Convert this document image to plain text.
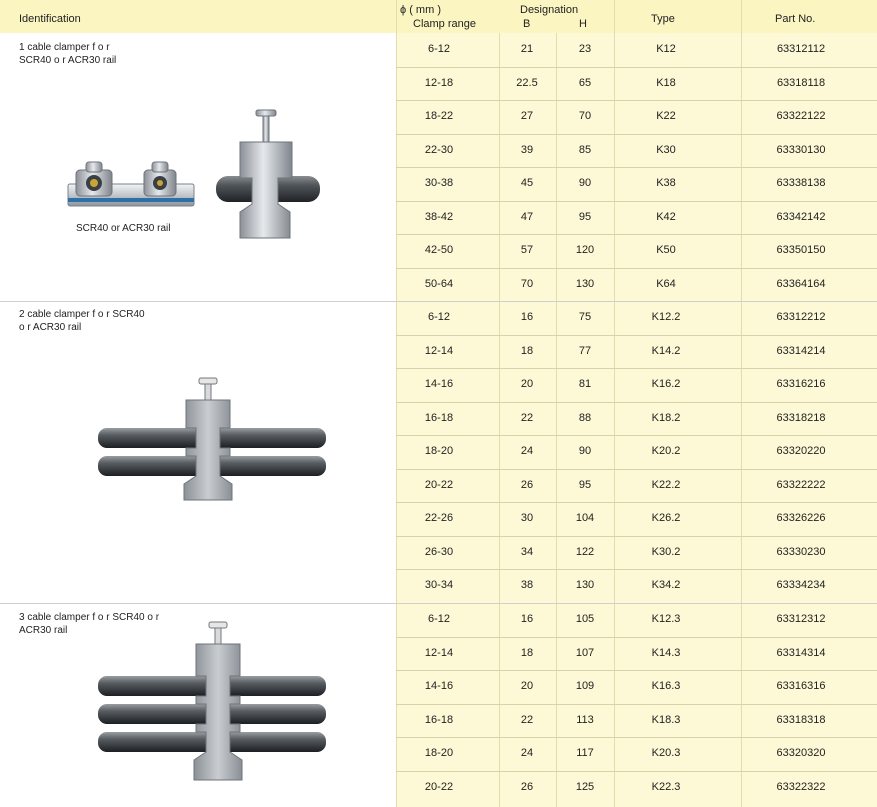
Identification
ϕ ( mm )
Clamp range
Designation
B	H	Type	Part No.
6-12	21	23	K12	63312112
12-18	22.5	65	K18	63318118
18-22	27	70	K22	63322122
22-30	39	85	K30	63330130
30-38	45	90	K38	63338138
38-42	47	95	K42	63342142
42-50	57	120	K50	63350150
50-64	70	130	K64	63364164
6-12	16	75	K12.2	63312212
12-14	18	77	K14.2	63314214
14-16	20	81	K16.2	63316216
16-18	22	88	K18.2	63318218
18-20	24	90	K20.2	63320220
20-22	26	95	K22.2	63322222
22-26	30	104	K26.2	63326226
26-30	34	122	K30.2	63330230
30-34	38	130	K34.2	63334234
6-12	16	105	K12.3	63312312
12-14	18	107	K14.3	63314314
14-16	20	109	K16.3	63316316
16-18	22	113	K18.3	63318318
18-20	24	117	K20.3	63320320
20-22	26	125	K22.3	63322322
1 cable clamper f o r
SCR40 o r ACR30 rail
2 cable clamper f o r SCR40
o r ACR30 rail
3 cable clamper f o r SCR40 o r
ACR30 rail
SCR40 or ACR30 rail
